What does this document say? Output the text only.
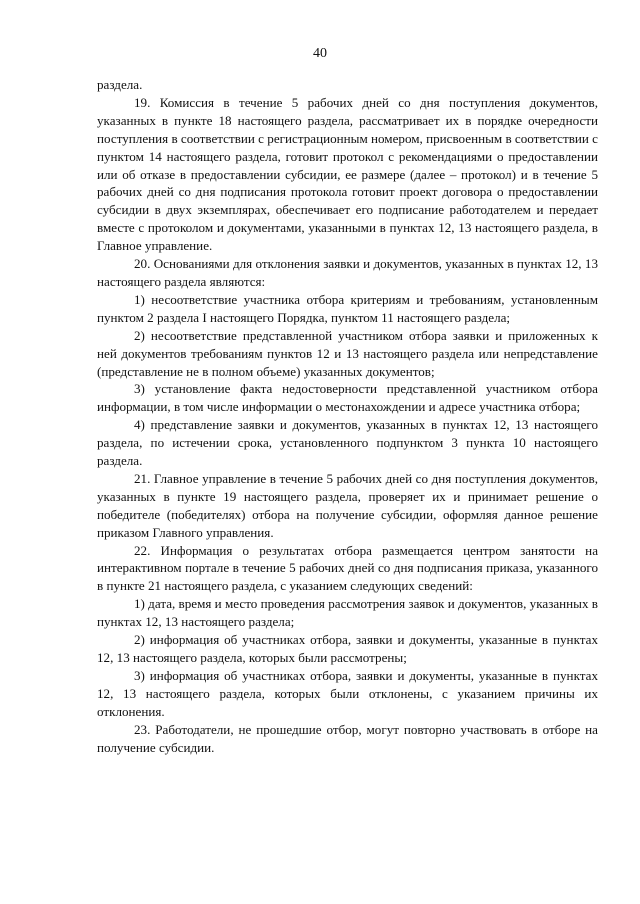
40

раздела.

19. Комиссия в течение 5 рабочих дней со дня поступления документов, указанных в пункте 18 настоящего раздела, рассматривает их в порядке очередности поступления в соответствии с регистрационным номером, присвоенным в соответствии с пунктом 14 настоящего раздела, готовит протокол с рекомендациями о предоставлении или об отказе в предоставлении субсидии, ее размере (далее – протокол) и в течение 5 рабочих дней со дня подписания протокола готовит проект договора о предоставлении субсидии в двух экземплярах, обеспечивает его подписание работодателем и передает вместе с протоколом и документами, указанными в пунктах 12, 13 настоящего раздела, в Главное управление.

20. Основаниями для отклонения заявки и документов, указанных в пунктах 12, 13 настоящего раздела являются:

1) несоответствие участника отбора критериям и требованиям, установленным пунктом 2 раздела I настоящего Порядка, пунктом 11 настоящего раздела;

2) несоответствие представленной участником отбора заявки и приложенных к ней документов требованиям пунктов 12 и 13 настоящего раздела или непредставление (представление не в полном объеме) указанных документов;

3) установление факта недостоверности представленной участником отбора информации, в том числе информации о местонахождении и адресе участника отбора;

4) представление заявки и документов, указанных в пунктах 12, 13 настоящего раздела, по истечении срока, установленного подпунктом 3 пункта 10 настоящего раздела.

21. Главное управление в течение 5 рабочих дней со дня поступления документов, указанных в пункте 19 настоящего раздела, проверяет их и принимает решение о победителе (победителях) отбора на получение субсидии, оформляя данное решение приказом Главного управления.

22. Информация о результатах отбора размещается центром занятости на интерактивном портале в течение 5 рабочих дней со дня подписания приказа, указанного в пункте 21 настоящего раздела, с указанием следующих сведений:

1) дата, время и место проведения рассмотрения заявок и документов, указанных в пунктах 12, 13 настоящего раздела;

2) информация об участниках отбора, заявки и документы, указанные в пунктах 12, 13 настоящего раздела, которых были рассмотрены;

3) информация об участниках отбора, заявки и документы, указанные в пунктах 12, 13 настоящего раздела, которых были отклонены, с указанием причины их отклонения.

23. Работодатели, не прошедшие отбор, могут повторно участвовать в отборе на получение субсидии.
